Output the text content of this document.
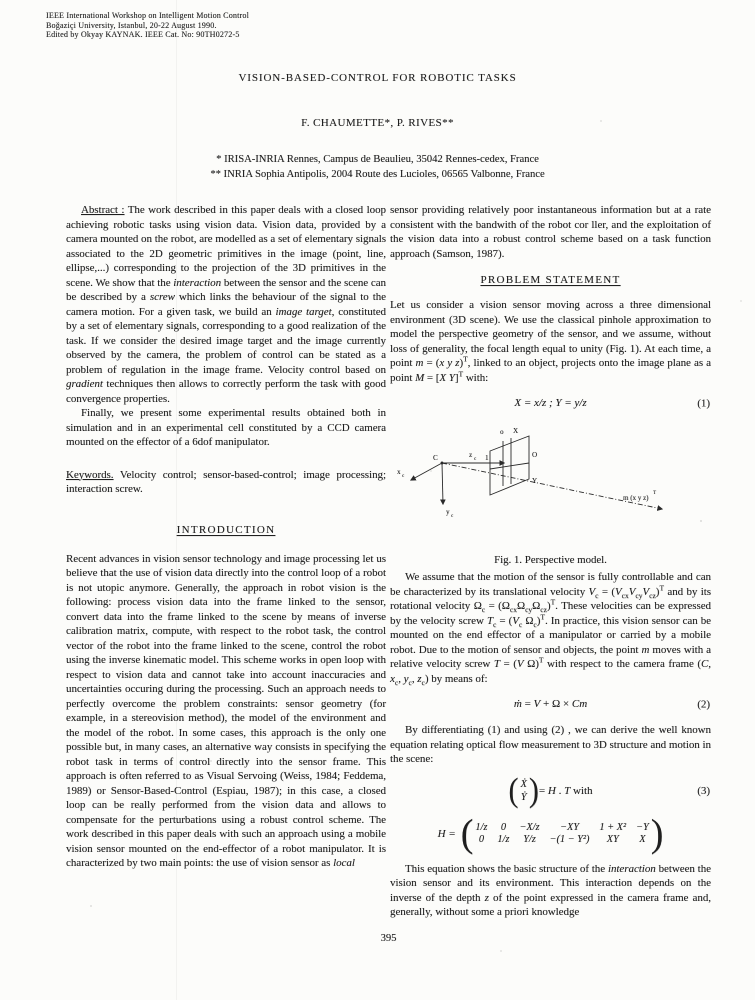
IEEE International Workshop on Intelligent Motion Control
Boğaziçi University, Istanbul, 20-22 August 1990.
Edited by Okyay KAYNAK. IEEE Cat. No: 90TH0272-5
VISION-BASED-CONTROL FOR ROBOTIC TASKS
F. CHAUMETTE*, P. RIVES**
* IRISA-INRIA Rennes, Campus de Beaulieu, 35042 Rennes-cedex, France
** INRIA Sophia Antipolis, 2004 Route des Lucioles, 06565 Valbonne, France

Abstract : The work described in this paper deals with a closed loop achieving robotic tasks using vision data. Vision data, provided by a camera mounted on the robot, are modelled as a set of elementary signals associated to the 2D geometric primitives in the image (point, line, ellipse,...) corresponding to the projection of the 3D primitives in the scene. We show that the interaction between the sensor and the scene can be described by a screw which links the behaviour of the signal to the camera motion. For a given task, we build an image target, constituted by a set of elementary signals, corresponding to a good realization of the task. If we consider the desired image target and the image currently observed by the camera, the problem of control can be stated as a problem of regulation in the image frame. Velocity control based on gradient techniques then allows to correctly perform the task with good convergence properties.

Finally, we present some experimental results obtained both in simulation and in an experimental cell constituted by a CCD camera mounted on the effector of a 6dof manipulator.

Keywords. Velocity control; sensor-based-control; image processing; interaction screw.

INTRODUCTION

Recent advances in vision sensor technology and image processing let us believe that the use of vision data directly into the control loop of a robot is not utopic anymore. Generally, the approach in robot vision is the following: process vision data into the frame linked to the sensor, convert data into the frame linked to the scene by means of inverse calibration matrix, compute, with respect to the robot task, the control vector of the robot into the frame linked to the scene, control the robot using the inverse kinematic model. This scheme works in open loop with respect to vision data and cannot take into account inaccuracies and uncertainties occuring during the processing. Such an approach needs to perfectly overcome the problem constraints: sensor geometry (for example, in a stereovision method), the model of the environment and the model of the robot. In some cases, this approach is the only one possible but, in many cases, an alternative way consists in specifying the robot task in terms of control directly into the sensor frame. This approach is often referred to as Visual Servoing (Weiss, 1984; Feddema, 1989) or Sensor-Based-Control (Espiau, 1987); in this case, a closed loop can be really performed from the vision data and allows to compensate for the perturbations using a robust control scheme. The work described in this paper deals with such an approach using a mobile vision sensor mounted on the end-effector of a robot manipulator. It is characterized by two main points: the use of vision sensor as local

sensor providing relatively poor instantaneous information but at a rate consistent with the bandwith of the robot cor ller, and the exploitation of the vision data into a robust control scheme based on a task function approach (Samson, 1987).

PROBLEM STATEMENT

Let us consider a vision sensor moving across a three dimensional environment (3D scene). We use the classical pinhole approximation to model the perspective geometry of the sensor, and we assume, without loss of generality, the focal length equal to unity (Fig. 1). At each time, a point m = (x y z)$^T$, linked to an object, projects onto the image plane as a point M = [X Y]$^T$ with:

X = x/z ; Y = y/z	(1)
C
x
c
y
c
z
c 1
o X
O
Y
m (x y z)
T
Fig. 1. Perspective model.

We assume that the motion of the sensor is fully controllable and can be characterized by its translational velocity $V_c = (V_{cx}V_{cy}V_{cz})^T$ and by its rotational velocity $\Omega_c = (\Omega_{cx}\Omega_{cy}\Omega_{cz})^T$. These velocities can be expressed by the velocity screw $T_c = (V_c$ $\Omega_c)^T$. In practice, this vision sensor can be mounted on the end effector of a manipulator or carried by a mobile robot. Due to the motion of sensor and objects, the point m moves with a relative velocity screw T = (V Ω)$^T$ with respect to the camera frame (C, $x_c$, $y_c$, $z_c$) by means of:

ṁ = V + Ω × Cm	(2)

By differentiating (1) and using (2) , we can derive the well known equation relating optical flow measurement to 3D structure and motion in the scene:

( Ẋ
Ẏ ) = H . T with	(3)
H = ( 1/z	0	−X/z	−XY	1 + X² −Y
0	1/z	Y/z	−(1 − Y²)	XY	X )

This equation shows the basic structure of the interaction between the vision sensor and its environment. This interaction depends on the inverse of the depth z of the point expressed in the camera frame and, generally, without some a priori knowledge

395
